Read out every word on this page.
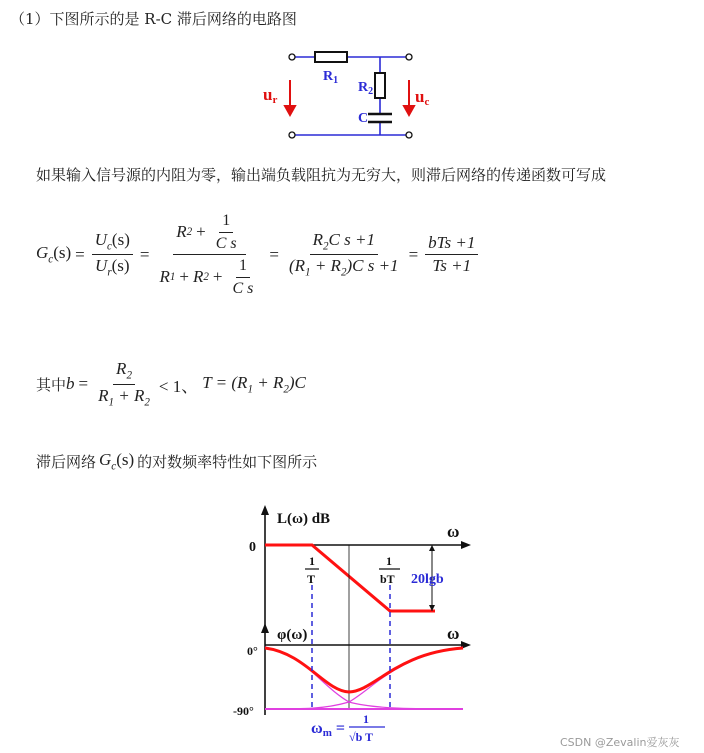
（1）下图所示的是 R-C 滞后网络的电路图
$R_1$ $R_2$
C
ur	uc
如果输入信号源的内阻为零，输出端负载阻抗为无穷大，则滞后网络的传递函数可写成
$G_c(s) = \frac{U_c(s)}{U_r(s)} = \frac{R 2 + \frac{1}{\text{C s}}}{R 1 + R 2 + \frac{1}{\text{C s}}} = \frac{R_2C s +1}{(R_1 + R_2)C s +1} = \frac{\text{bTs +1}}{Ts +1}$
其中 $b = \frac{R_2}{R_1 + R_2} < 1$、 $T = (R_1 + R_2)C$
滞后网络 $G_c(s)$ 的对数频率特性如下图所示
L(ω) dB
ω
0
1
T
1
bT 20lgb
φ(ω)	ω
0°
-90°
ωm =
1
√b T	CSDN @Zevalin爱灰灰
